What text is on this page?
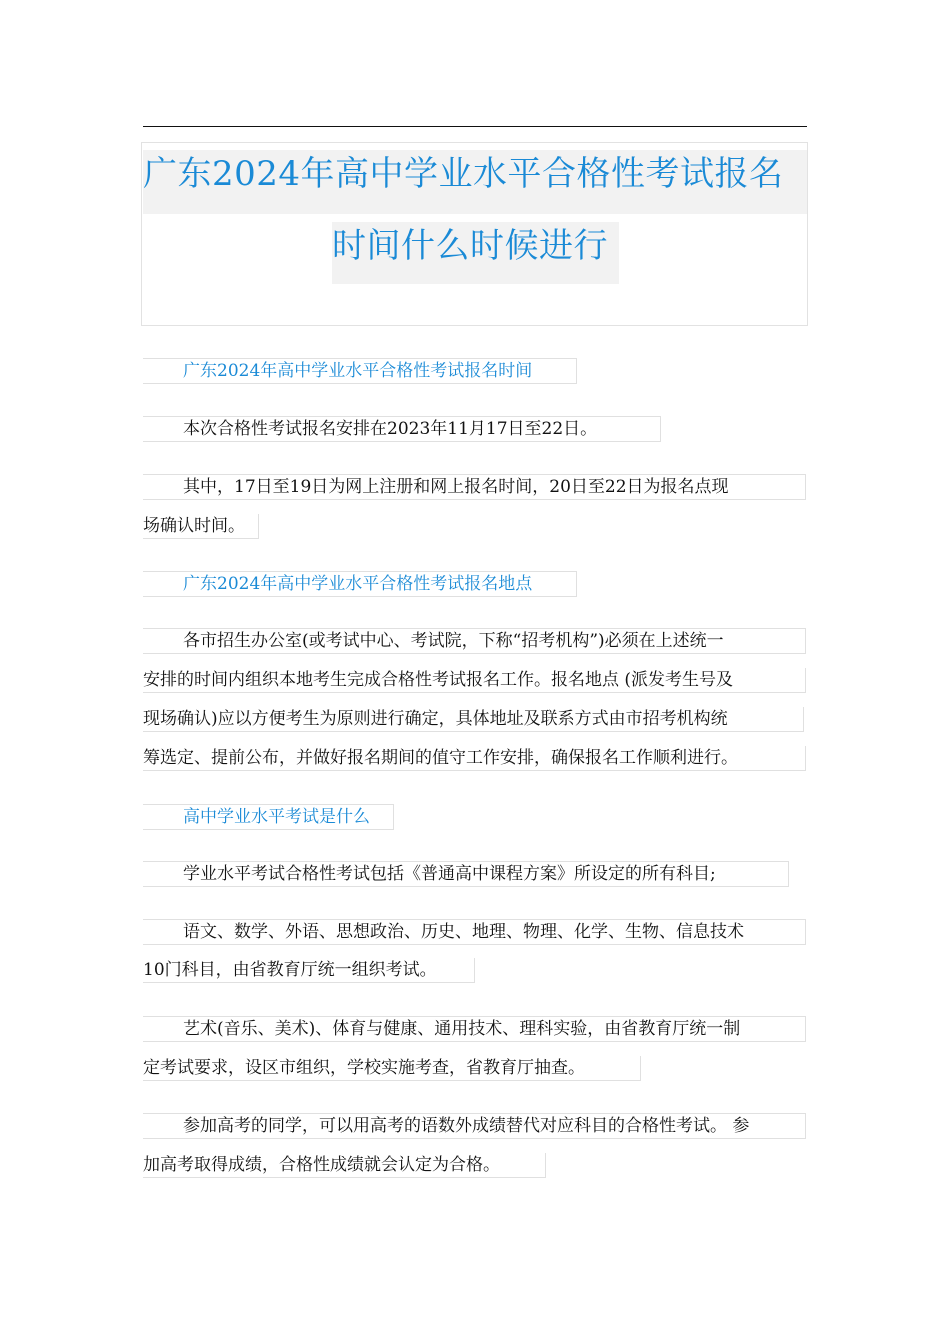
广东2024年高中学业水平合格性考试报名
时间什么时候进行
广东2024年高中学业水平合格性考试报名时间
本次合格性考试报名安排在2023年11月17日至22日。
其中，17日至19日为网上注册和网上报名时间，20日至22日为报名点现
场确认时间。
广东2024年高中学业水平合格性考试报名地点
各市招生办公室(或考试中心、考试院，下称“招考机构”)必须在上述统一
安排的时间内组织本地考生完成合格性考试报名工作。报名地点 (派发考生号及
现场确认)应以方便考生为原则进行确定，具体地址及联系方式由市招考机构统
筹选定、提前公布，并做好报名期间的值守工作安排，确保报名工作顺利进行。
高中学业水平考试是什么
学业水平考试合格性考试包括《普通高中课程方案》所设定的所有科目;
语文、数学、外语、思想政治、历史、地理、物理、化学、生物、信息技术
10门科目，由省教育厅统一组织考试。
艺术(音乐、美术)、体育与健康、通用技术、理科实验，由省教育厅统一制
定考试要求，设区市组织，学校实施考查，省教育厅抽查。
参加高考的同学，可以用高考的语数外成绩替代对应科目的合格性考试。 参
加高考取得成绩，合格性成绩就会认定为合格。
